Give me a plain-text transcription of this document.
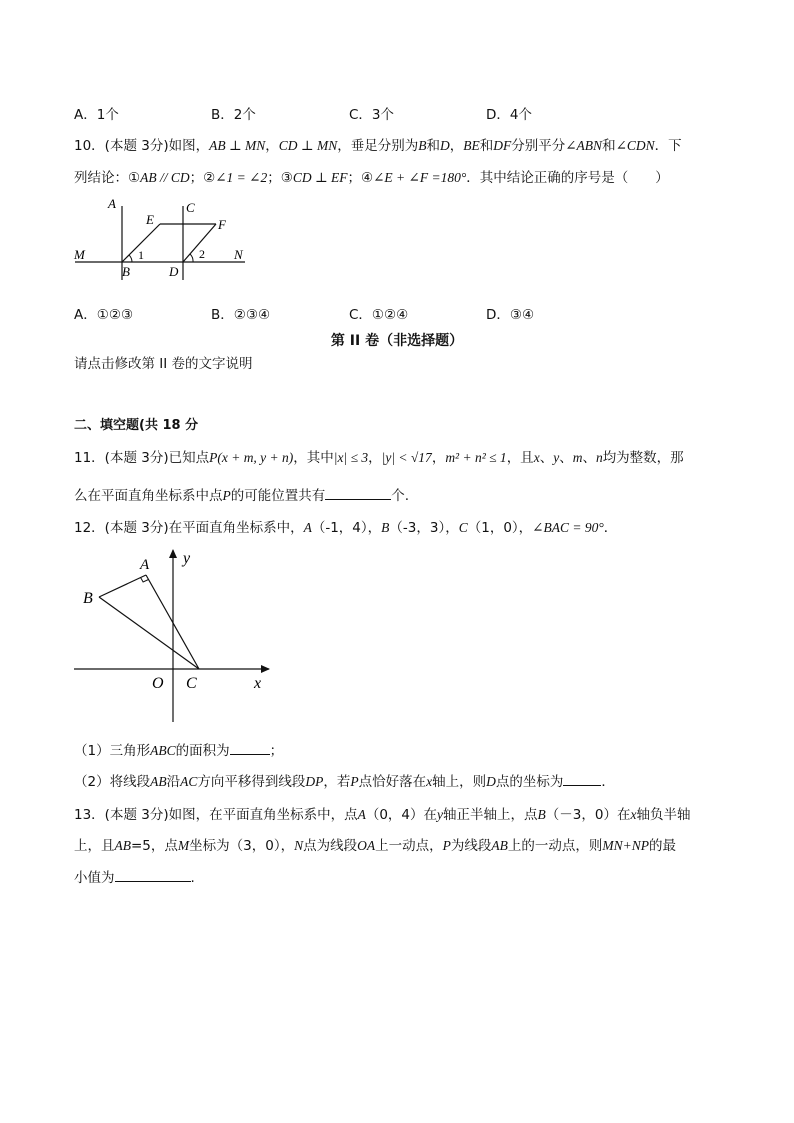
A．1个	B．2个	C．3个	D．4个
10．(本题 3分)如图，AB ⊥ MN，CD ⊥ MN，垂足分别为B和D，BE和DF分别平分∠ABN和∠CDN．下
列结论：①AB // CD；②∠1 = ∠2；③CD ⊥ EF；④∠E + ∠F =180°．其中结论正确的序号是（　　）
A	C
E	F
M	N
B	D
1	2
A．①②③	B．②③④	C．①②④	D．③④
第 II 卷（非选择题）
请点击修改第 II 卷的文字说明
二、填空题(共 18 分
11．(本题 3分)已知点P(x + m, y + n)，其中|x| ≤ 3，|y| < √17，m² + n² ≤ 1，且x、y、m、n均为整数，那
么在平面直角坐标系中点P的可能位置共有	个.
12．(本题 3分)在平面直角坐标系中，A（-1，4），B（-3，3），C（1，0），∠BAC = 90°．
y
x
A
B
O C
（1）三角形ABC的面积为	；
（2）将线段AB沿AC方向平移得到线段DP，若P点恰好落在x轴上，则D点的坐标为	．
13．(本题 3分)如图，在平面直角坐标系中，点A（0，4）在y轴正半轴上，点B（－3，0）在x轴负半轴
上，且AB=5，点M坐标为（3，0），N点为线段OA上一动点，P为线段AB上的一动点，则MN+NP的最
小值为	.
